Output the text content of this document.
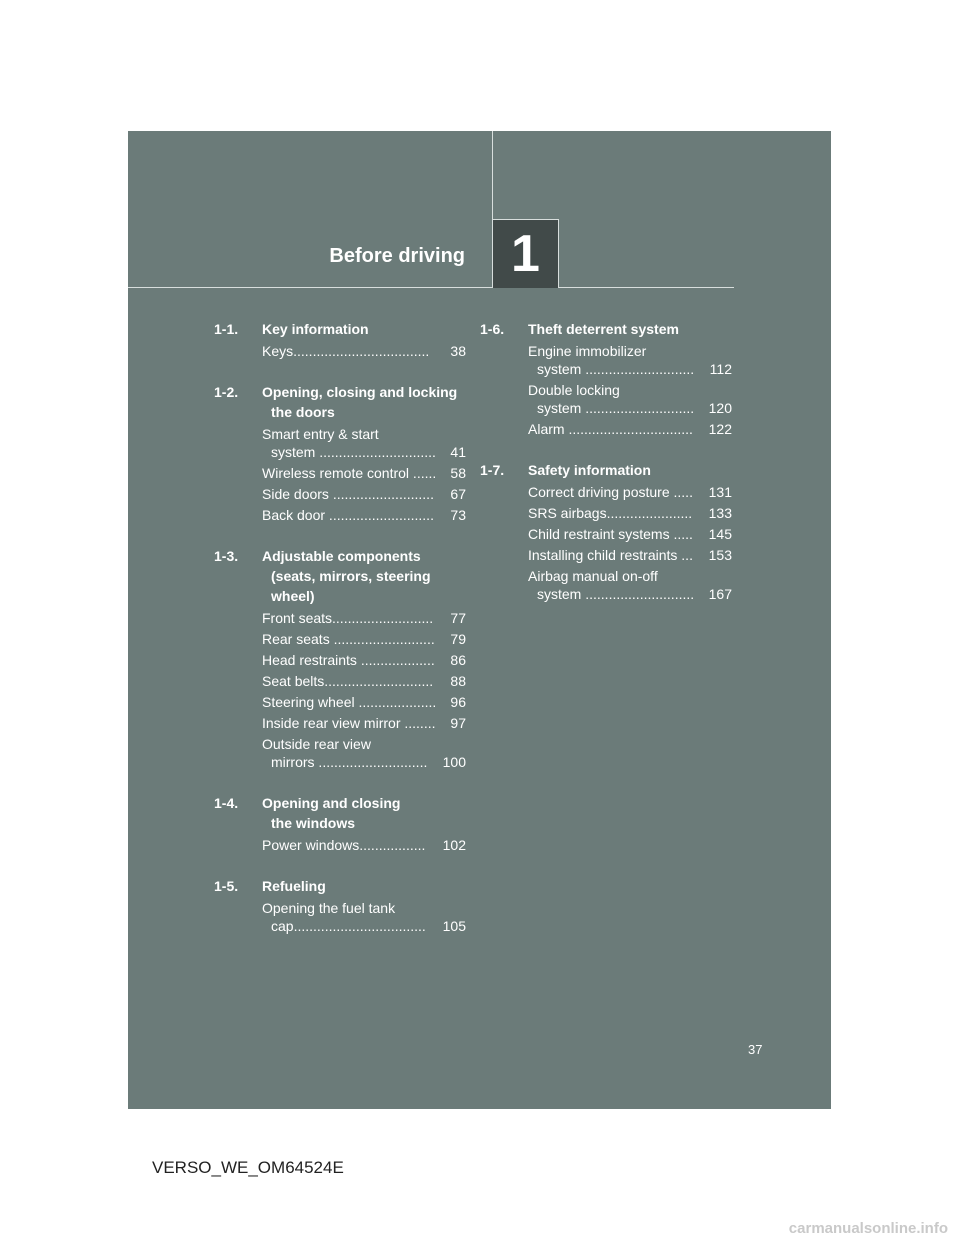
Before driving 1
1-1.	Key information
Keys...................................	38
1-2.	Opening, closing and locking

the doors
Smart entry & start
system ..............................	41
Wireless remote control ......	58
Side doors ..........................	67
Back door ...........................	73
1-3.	Adjustable components

(seats, mirrors, steering
wheel)
Front seats..........................	77
Rear seats ..........................	79
Head restraints ...................	86
Seat belts............................	88
Steering wheel ....................	96
Inside rear view mirror ........	97
Outside rear view
mirrors ............................	100
1-4.	Opening and closing

the windows
Power windows.................	102
1-5.	Refueling
Opening the fuel tank
cap..................................	105
1-6.	Theft deterrent system
Engine immobilizer
system ............................	112
Double locking
system ............................	120
Alarm ................................	122
1-7.	Safety information
Correct driving posture .....	131
SRS airbags......................	133
Child restraint systems .....	145
Installing child restraints ...	153
Airbag manual on-off
system ............................	167
37
VERSO_WE_OM64524E
carmanualsonline.info
